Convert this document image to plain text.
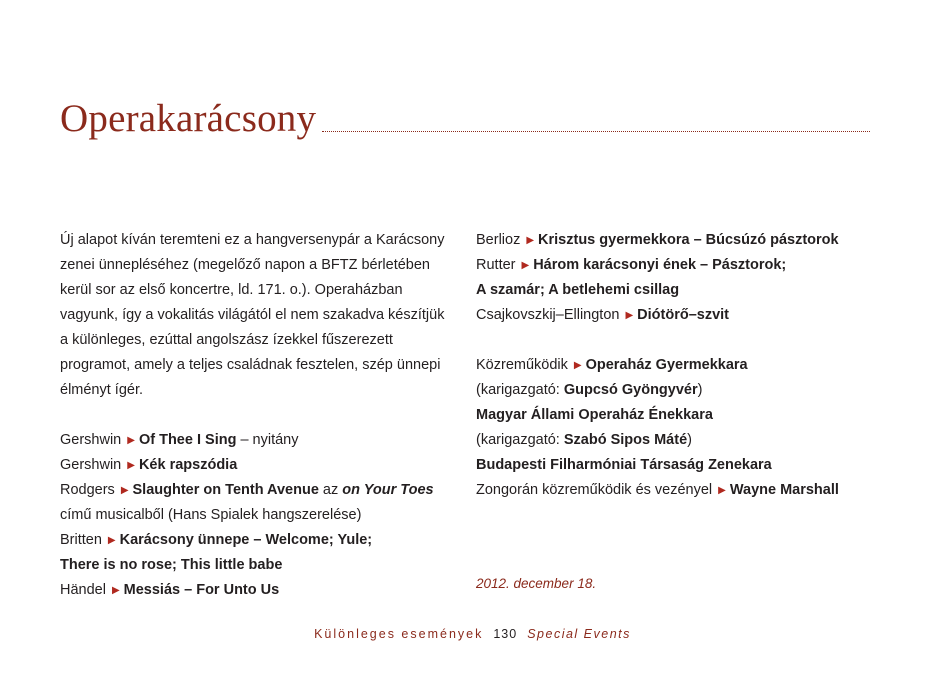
Operakarácsony
Új alapot kíván teremteni ez a hangversenypár a Karácsony
zenei ünnepléséhez (megelőző napon a BFTZ bérletében
kerül sor az első koncertre, ld. 171. o.). Operaházban
vagyunk, így a vokalitás világától el nem szakadva készítjük
a különleges, ezúttal angolszász ízekkel fűszerezett
programot, amely a teljes családnak fesztelen, szép ünnepi
élményt ígér.
Gershwin ▶ Of Thee I Sing – nyitány
Gershwin ▶ Kék rapszódia
Rodgers ▶ Slaughter on Tenth Avenue az on Your Toes
című musicalből (Hans Spialek hangszerelése)
Britten ▶ Karácsony ünnepe – Welcome; Yule;
There is no rose; This little babe
Händel ▶ Messiás – For Unto Us
Berlioz ▶ Krisztus gyermekkora – Búcsúzó pásztorok
Rutter ▶ Három karácsonyi ének – Pásztorok;
A szamár; A betlehemi csillag
Csajkovszkij–Ellington ▶ Diótörő–szvit
Közreműködik ▶ Operaház Gyermekkara
(karigazgató: Gupcsó Gyöngyvér)
Magyar Állami Operaház Énekkara
(karigazgató: Szabó Sipos Máté)
Budapesti Filharmóniai Társaság Zenekara
Zongorán közreműködik és vezényel ▶ Wayne Marshall
2012. december 18.
Különleges események 130 Special Events
